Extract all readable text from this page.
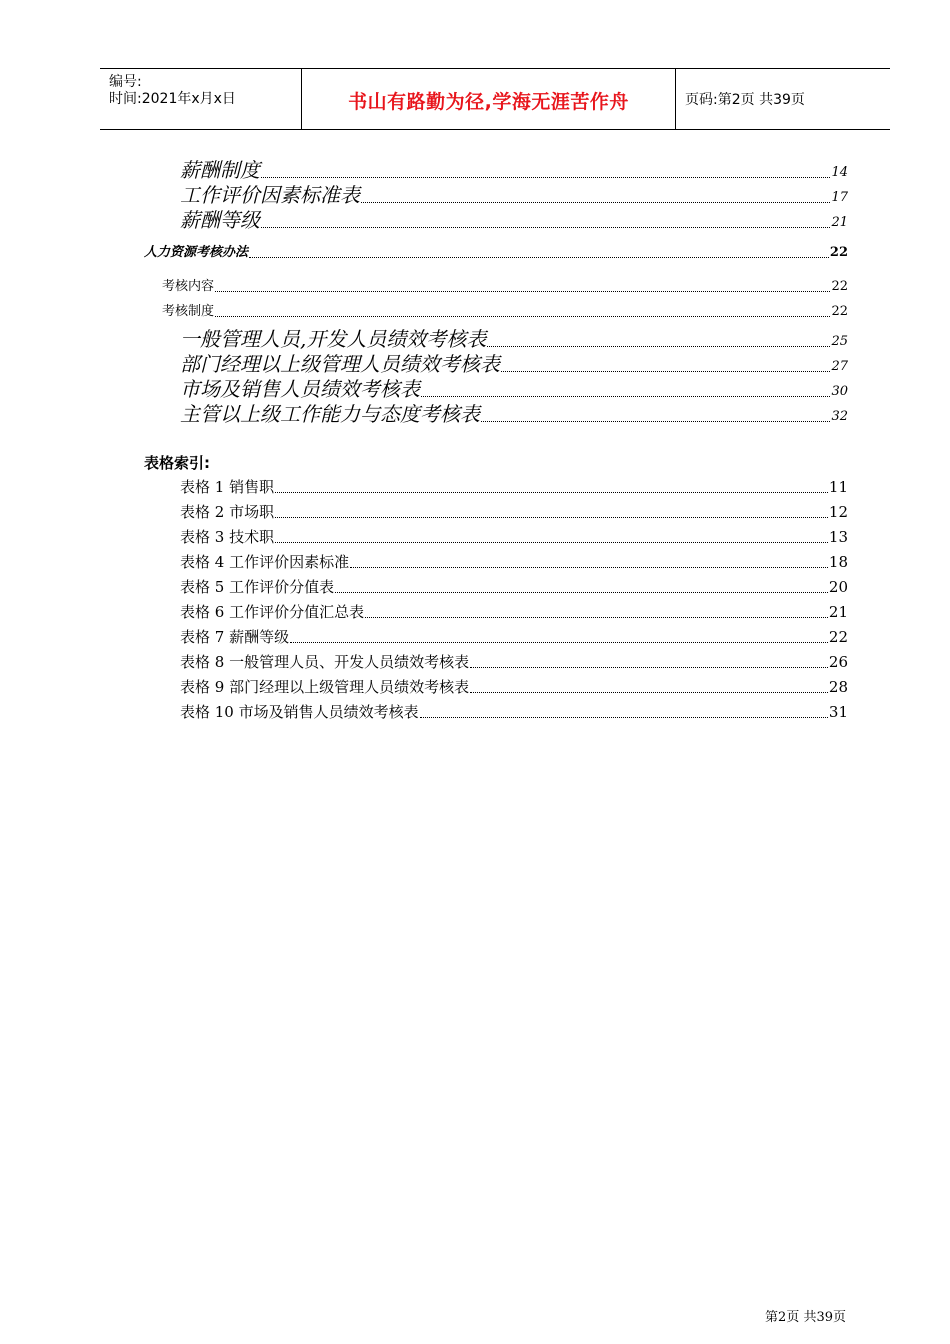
编号:
时间:2021年x月x日	书山有路勤为径,学海无涯苦作舟	页码:第2页 共39页
薪酬制度	14
工作评价因素标准表	17
薪酬等级	21
人力资源考核办法	22
考核内容	22
考核制度	22
一般管理人员,开发人员绩效考核表	25
部门经理以上级管理人员绩效考核表	27
市场及销售人员绩效考核表	30
主管以上级工作能力与态度考核表	32
表格索引:
表格 1 销售职	11
表格 2 市场职	12
表格 3 技术职	13
表格 4 工作评价因素标准	18
表格 5 工作评价分值表	20
表格 6 工作评价分值汇总表	21
表格 7 薪酬等级	22
表格 8 一般管理人员、开发人员绩效考核表	26
表格 9 部门经理以上级管理人员绩效考核表	28
表格 10 市场及销售人员绩效考核表	31
第2页 共39页
